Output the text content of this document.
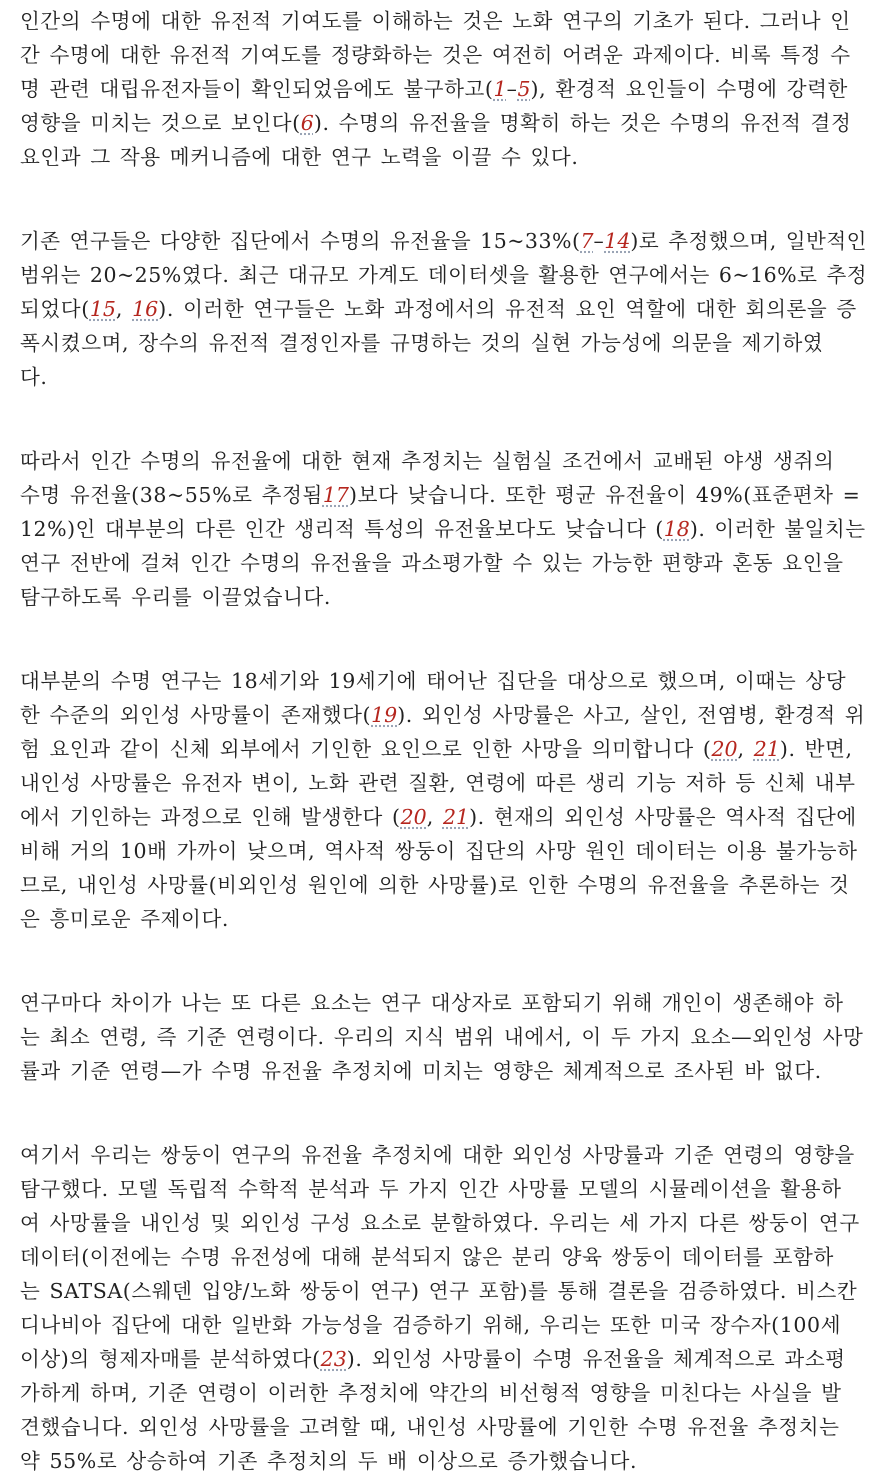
인간의 수명에 대한 유전적 기여도를 이해하는 것은 노화 연구의 기초가 된다. 그러나 인
간 수명에 대한 유전적 기여도를 정량화하는 것은 여전히 어려운 과제이다. 비록 특정 수
명 관련 대립유전자들이 확인되었음에도 불구하고(1–5), 환경적 요인들이 수명에 강력한
영향을 미치는 것으로 보인다(6). 수명의 유전율을 명확히 하는 것은 수명의 유전적 결정
요인과 그 작용 메커니즘에 대한 연구 노력을 이끌 수 있다.

기존 연구들은 다양한 집단에서 수명의 유전율을 15~33%(7–14)로 추정했으며, 일반적인
범위는 20~25%였다. 최근 대규모 가계도 데이터셋을 활용한 연구에서는 6~16%로 추정
되었다(15, 16). 이러한 연구들은 노화 과정에서의 유전적 요인 역할에 대한 회의론을 증
폭시켰으며, 장수의 유전적 결정인자를 규명하는 것의 실현 가능성에 의문을 제기하였
다.

따라서 인간 수명의 유전율에 대한 현재 추정치는 실험실 조건에서 교배된 야생 생쥐의
수명 유전율(38~55%로 추정됨17)보다 낮습니다. 또한 평균 유전율이 49%(표준편차 =
12%)인 대부분의 다른 인간 생리적 특성의 유전율보다도 낮습니다 (18). 이러한 불일치는
연구 전반에 걸쳐 인간 수명의 유전율을 과소평가할 수 있는 가능한 편향과 혼동 요인을
탐구하도록 우리를 이끌었습니다.

대부분의 수명 연구는 18세기와 19세기에 태어난 집단을 대상으로 했으며, 이때는 상당
한 수준의 외인성 사망률이 존재했다(19). 외인성 사망률은 사고, 살인, 전염병, 환경적 위
험 요인과 같이 신체 외부에서 기인한 요인으로 인한 사망을 의미합니다 (20, 21). 반면,
내인성 사망률은 유전자 변이, 노화 관련 질환, 연령에 따른 생리 기능 저하 등 신체 내부
에서 기인하는 과정으로 인해 발생한다 (20, 21). 현재의 외인성 사망률은 역사적 집단에
비해 거의 10배 가까이 낮으며, 역사적 쌍둥이 집단의 사망 원인 데이터는 이용 불가능하
므로, 내인성 사망률(비외인성 원인에 의한 사망률)로 인한 수명의 유전율을 추론하는 것
은 흥미로운 주제이다.

연구마다 차이가 나는 또 다른 요소는 연구 대상자로 포함되기 위해 개인이 생존해야 하
는 최소 연령, 즉 기준 연령이다. 우리의 지식 범위 내에서, 이 두 가지 요소—외인성 사망
률과 기준 연령—가 수명 유전율 추정치에 미치는 영향은 체계적으로 조사된 바 없다.

여기서 우리는 쌍둥이 연구의 유전율 추정치에 대한 외인성 사망률과 기준 연령의 영향을
탐구했다. 모델 독립적 수학적 분석과 두 가지 인간 사망률 모델의 시뮬레이션을 활용하
여 사망률을 내인성 및 외인성 구성 요소로 분할하였다. 우리는 세 가지 다른 쌍둥이 연구
데이터(이전에는 수명 유전성에 대해 분석되지 않은 분리 양육 쌍둥이 데이터를 포함하
는 SATSA(스웨덴 입양/노화 쌍둥이 연구) 연구 포함)를 통해 결론을 검증하였다. 비스칸
디나비아 집단에 대한 일반화 가능성을 검증하기 위해, 우리는 또한 미국 장수자(100세
이상)의 형제자매를 분석하였다(23). 외인성 사망률이 수명 유전율을 체계적으로 과소평
가하게 하며, 기준 연령이 이러한 추정치에 약간의 비선형적 영향을 미친다는 사실을 발
견했습니다. 외인성 사망률을 고려할 때, 내인성 사망률에 기인한 수명 유전율 추정치는
약 55%로 상승하여 기존 추정치의 두 배 이상으로 증가했습니다.
